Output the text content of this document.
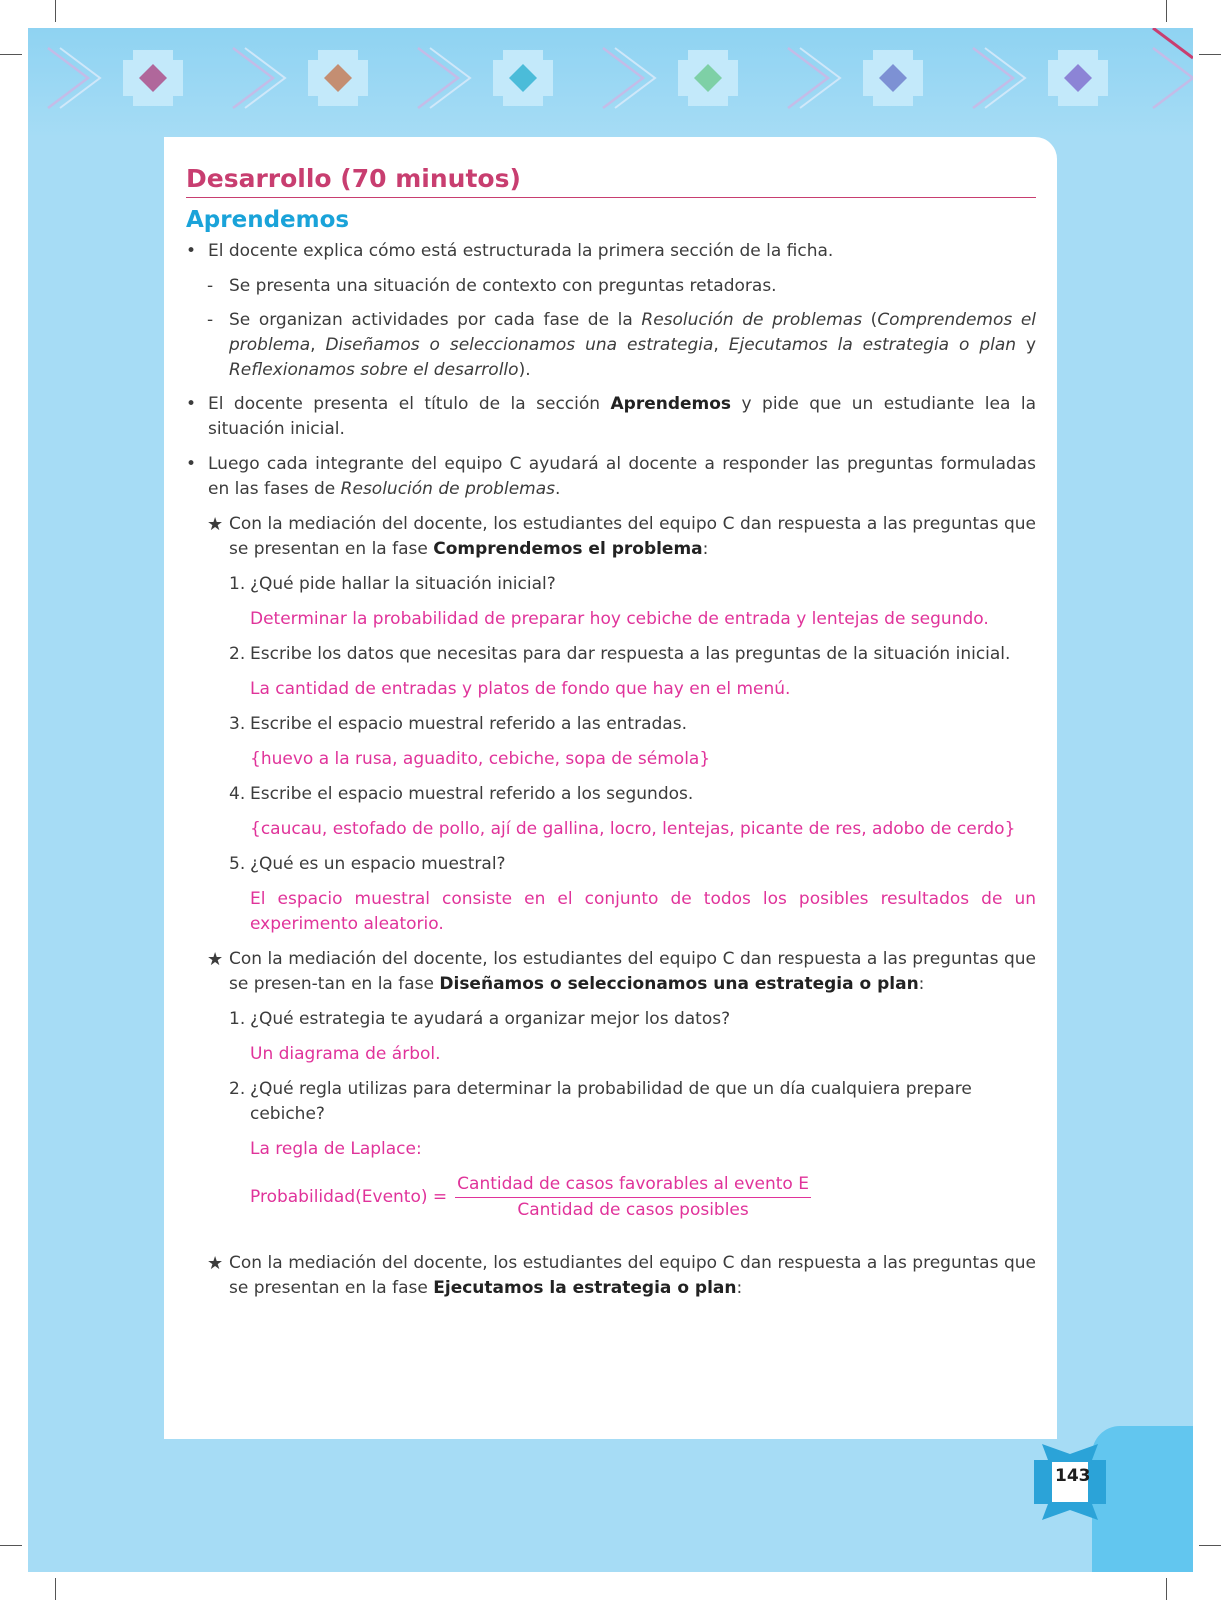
Desarrollo (70 minutos)
Aprendemos
• El docente explica cómo está estructurada la primera sección de la ficha.
- Se presenta una situación de contexto con preguntas retadoras.
- Se organizan actividades por cada fase de la Resolución de problemas (Comprendemos el problema, Diseñamos o seleccionamos una estrategia, Ejecutamos la estrategia o plan y Reflexionamos sobre el desarrollo).
• El docente presenta el título de la sección Aprendemos y pide que un estudiante lea la situación inicial.
• Luego cada integrante del equipo C ayudará al docente a responder las preguntas formuladas en las fases de Resolución de problemas.
★ Con la mediación del docente, los estudiantes del equipo C dan respuesta a las preguntas que se presentan en la fase Comprendemos el problema:
1. ¿Qué pide hallar la situación inicial?
Determinar la probabilidad de preparar hoy cebiche de entrada y lentejas de segundo.
2. Escribe los datos que necesitas para dar respuesta a las preguntas de la situación inicial.
La cantidad de entradas y platos de fondo que hay en el menú.
3. Escribe el espacio muestral referido a las entradas.
{huevo a la rusa, aguadito, cebiche, sopa de sémola}
4. Escribe el espacio muestral referido a los segundos.
{caucau, estofado de pollo, ají de gallina, locro, lentejas, picante de res, adobo de cerdo}
5. ¿Qué es un espacio muestral?
El espacio muestral consiste en el conjunto de todos los posibles resultados de un experimento aleatorio.
★ Con la mediación del docente, los estudiantes del equipo C dan respuesta a las preguntas que se presen-tan en la fase Diseñamos o seleccionamos una estrategia o plan:
1. ¿Qué estrategia te ayudará a organizar mejor los datos?
Un diagrama de árbol.
2. ¿Qué regla utilizas para determinar la probabilidad de que un día cualquiera prepare cebiche?
La regla de Laplace:
Probabilidad(Evento) = $\frac{\text{Cantidad de casos favorables al evento E}}{\text{Cantidad de casos posibles}}$
★ Con la mediación del docente, los estudiantes del equipo C dan respuesta a las preguntas que se presentan en la fase Ejecutamos la estrategia o plan:
143
